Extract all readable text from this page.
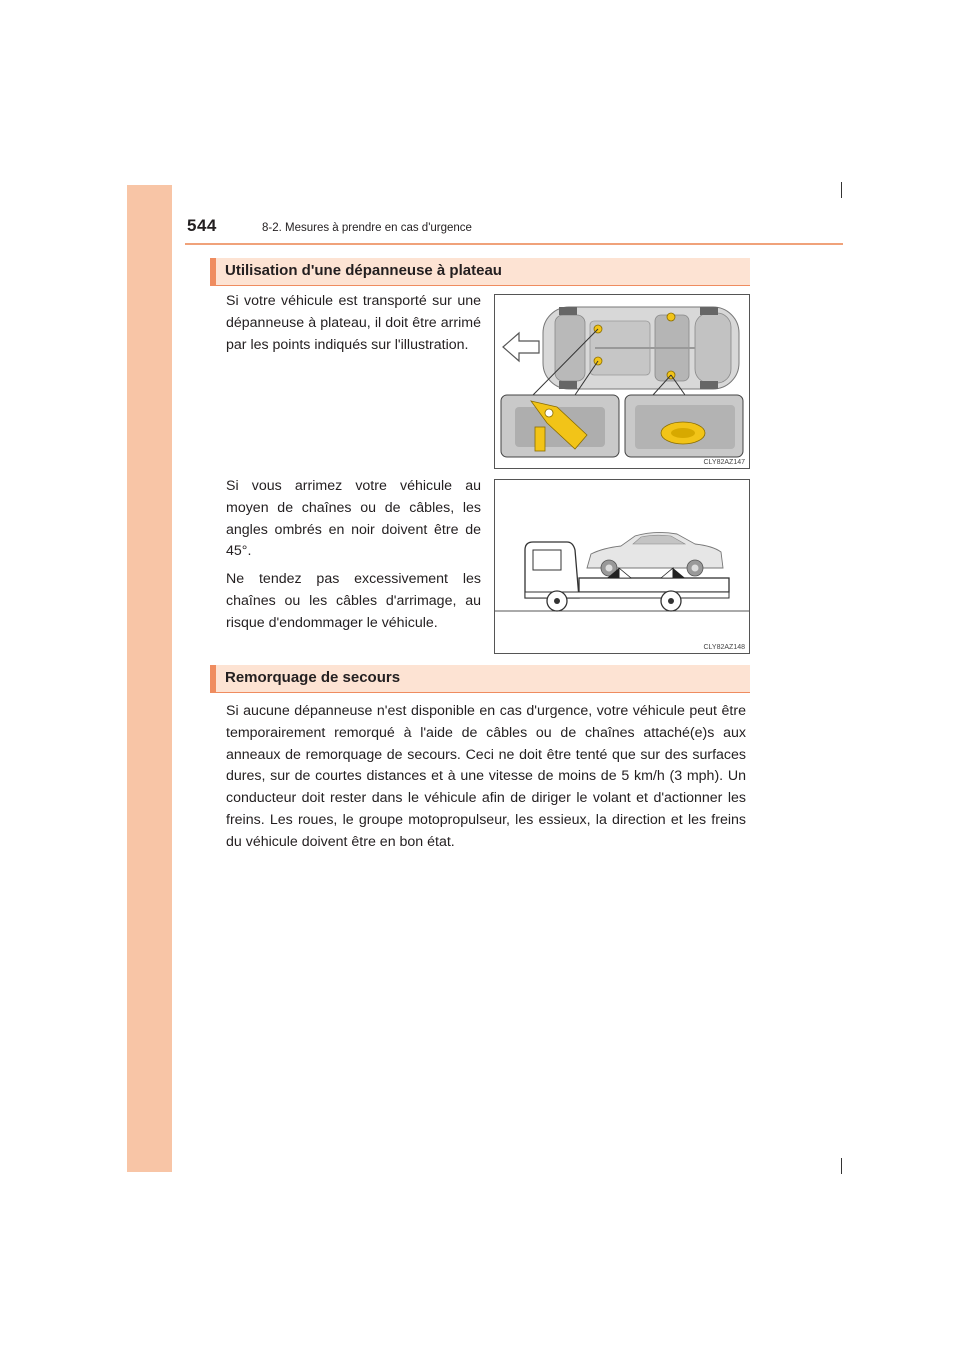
544	8-2. Mesures à prendre en cas d'urgence
Utilisation d'une dépanneuse à plateau

Si votre véhicule est transporté sur une dépanneuse à plateau, il doit être arrimé par les points indiqués sur l'illustration.

Si vous arrimez votre véhicule au moyen de chaînes ou de câbles, les angles ombrés en noir doivent être de 45°.

Ne tendez pas excessivement les chaînes ou les câbles d'arrimage, au risque d'endommager le véhicule.

CLY82AZ147
CLY82AZ148
Remorquage de secours

Si aucune dépanneuse n'est disponible en cas d'urgence, votre véhicule peut être temporairement remorqué à l'aide de câbles ou de chaînes attaché(e)s aux anneaux de remorquage de secours. Ceci ne doit être tenté que sur des surfaces dures, sur de courtes distances et à une vitesse de moins de 5 km/h (3 mph). Un conducteur doit rester dans le véhicule afin de diriger le volant et d'actionner les freins. Les roues, le groupe motopropulseur, les essieux, la direction et les freins du véhicule doivent être en bon état.
